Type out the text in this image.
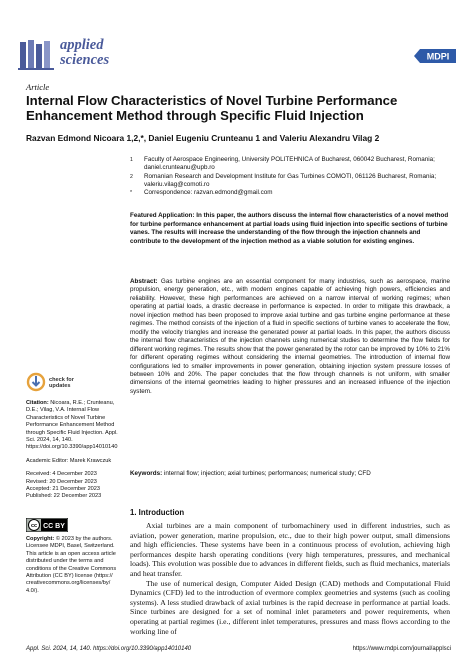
applied
sciences	MDPI
Article
Internal Flow Characteristics of Novel Turbine Performance Enhancement Method through Specific Fluid Injection
Razvan Edmond Nicoara 1,2,*, Daniel Eugeniu Crunteanu 1 and Valeriu Alexandru Vilag 2
1 Faculty of Aerospace Engineering, University POLITEHNICA of Bucharest, 060042 Bucharest, Romania; daniel.crunteanu@upb.ro
2 Romanian Research and Development Institute for Gas Turbines COMOTI, 061126 Bucharest, Romania; valeriu.vilag@comoti.ro
* Correspondence: razvan.edmond@gmail.com
Featured Application: In this paper, the authors discuss the internal flow characteristics of a novel method for turbine performance enhancement at partial loads using fluid injection into specific sections of turbine vanes. The results will increase the understanding of the flow through the injection channels and contribute to the development of the injection method as a viable solution for existing engines.
Abstract: Gas turbine engines are an essential component for many industries, such as aerospace, marine propulsion, energy generation, etc., with modern engines capable of achieving high powers, efficiencies and reliability. However, these high performances are achieved on a narrow interval of working regimes; when operating at partial loads, a drastic decrease in performance is expected. In order to mitigate this drawback, a novel injection method has been proposed to improve axial turbine and gas turbine engine performance at these regimes. The method consists of the injection of a fluid in specific sections of turbine vanes to accelerate the flow, modify the velocity triangles and increase the generated power at partial loads. In this paper, the authors discuss the internal flow characteristics of the injection channels using numerical studies to determine the flow fields for different working regimes. The results show that the power generated by the rotor can be improved by 10% to 21% for different operating regimes without considering the internal geometries. The introduction of internal flow configurations led to smaller improvements in power generation, obtaining injection system pressure losses of between 10% and 20%. The paper concludes that the flow through channels is not uniform, with smaller dimensions of the internal geometries leading to higher pressures and an increased influence of the injection system.
Keywords: internal flow; injection; axial turbines; performances; numerical study; CFD
check for updates

Citation: Nicoara, R.E.; Crunteanu, D.E.; Vilag, V.A. Internal Flow Characteristics of Novel Turbine Performance Enhancement Method through Specific Fluid Injection. Appl. Sci. 2024, 14, 140. https://doi.org/10.3390/app14010140

Academic Editor: Marek Krawczuk

Received: 4 December 2023

Revised: 20 December 2023

Accepted: 21 December 2023

Published: 22 December 2023

cc CC BY
Copyright: © 2023 by the authors. Licensee MDPI, Basel, Switzerland. This article is an open access article distributed under the terms and conditions of the Creative Commons Attribution (CC BY) license (https:// creativecommons.org/licenses/by/ 4.0/).
1. Introduction

Axial turbines are a main component of turbomachinery used in different industries, such as aviation, power generation, marine propulsion, etc., due to their high power output, small dimensions and high efficiencies. These systems have been in a continuous process of evolution, achieving high performances despite harsh operating conditions (very high temperatures, pressures, and mechanical loads). This evolution was possible due to advances in different fields, such as fluid mechanics, materials and heat transfer.

The use of numerical design, Computer Aided Design (CAD) methods and Computational Fluid Dynamics (CFD) led to the introduction of evermore complex geometries and systems (such as cooling systems). A less studied drawback of axial turbines is the rapid decrease in performance at partial loads. Since turbines are designed for a set of nominal inlet parameters and power requirements, when operating at partial regimes (i.e., different inlet temperatures, pressures and mass flows according to the working line of

Appl. Sci. 2024, 14, 140. https://doi.org/10.3390/app14010140	https://www.mdpi.com/journal/applsci
